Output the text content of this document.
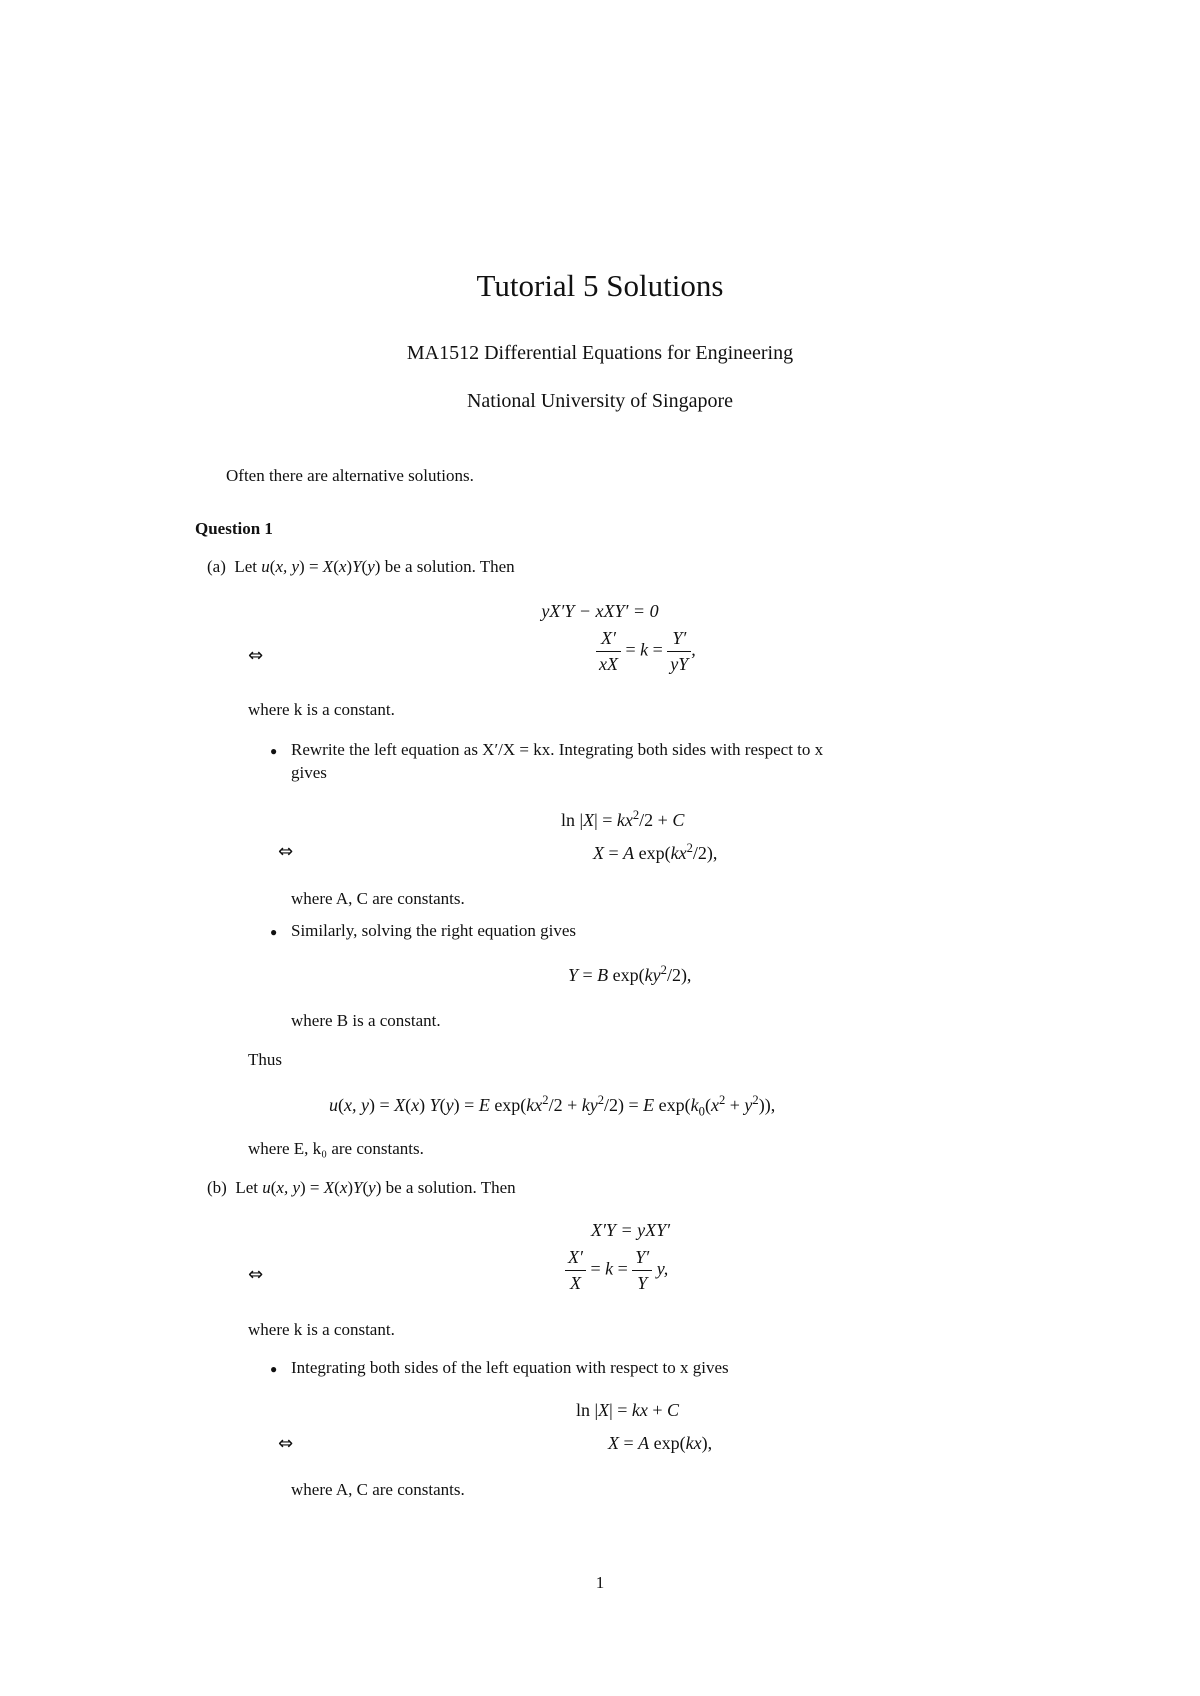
Tutorial 5 Solutions
MA1512 Differential Equations for Engineering
National University of Singapore
Often there are alternative solutions.
Question 1
(a) Let u(x, y) = X(x)Y(y) be a solution. Then
yX′Y − xXY′ = 0
⇔	$\frac{X'}{xX} = k = \frac{Y'}{yY}$ ,
where k is a constant.
● Rewrite the left equation as X′/X = kx. Integrating both sides with respect to x
gives
$\ln |X| = kx^2/2 + C$
⇔	X = A $\exp(kx^2/2)$,
where A, C are constants.
● Similarly, solving the right equation gives
Y = B $\exp(ky^2/2)$,
where B is a constant.
Thus
u(x, y) = X(x) Y(y) = E $\exp(kx^2/2 + ky^2/2) = E$ $\exp(k_0(x^2 + y^2))$,
where E, k₀ are constants.
(b) Let u(x, y) = X(x)Y(y) be a solution. Then
X′Y = yXY′
⇔	$\frac{X'}{X} = k = \frac{Y'}{Y} y$,
where k is a constant.
● Integrating both sides of the left equation with respect to x gives
ln |X| = kx + C
⇔	X = A exp(kx),
where A, C are constants.
1
